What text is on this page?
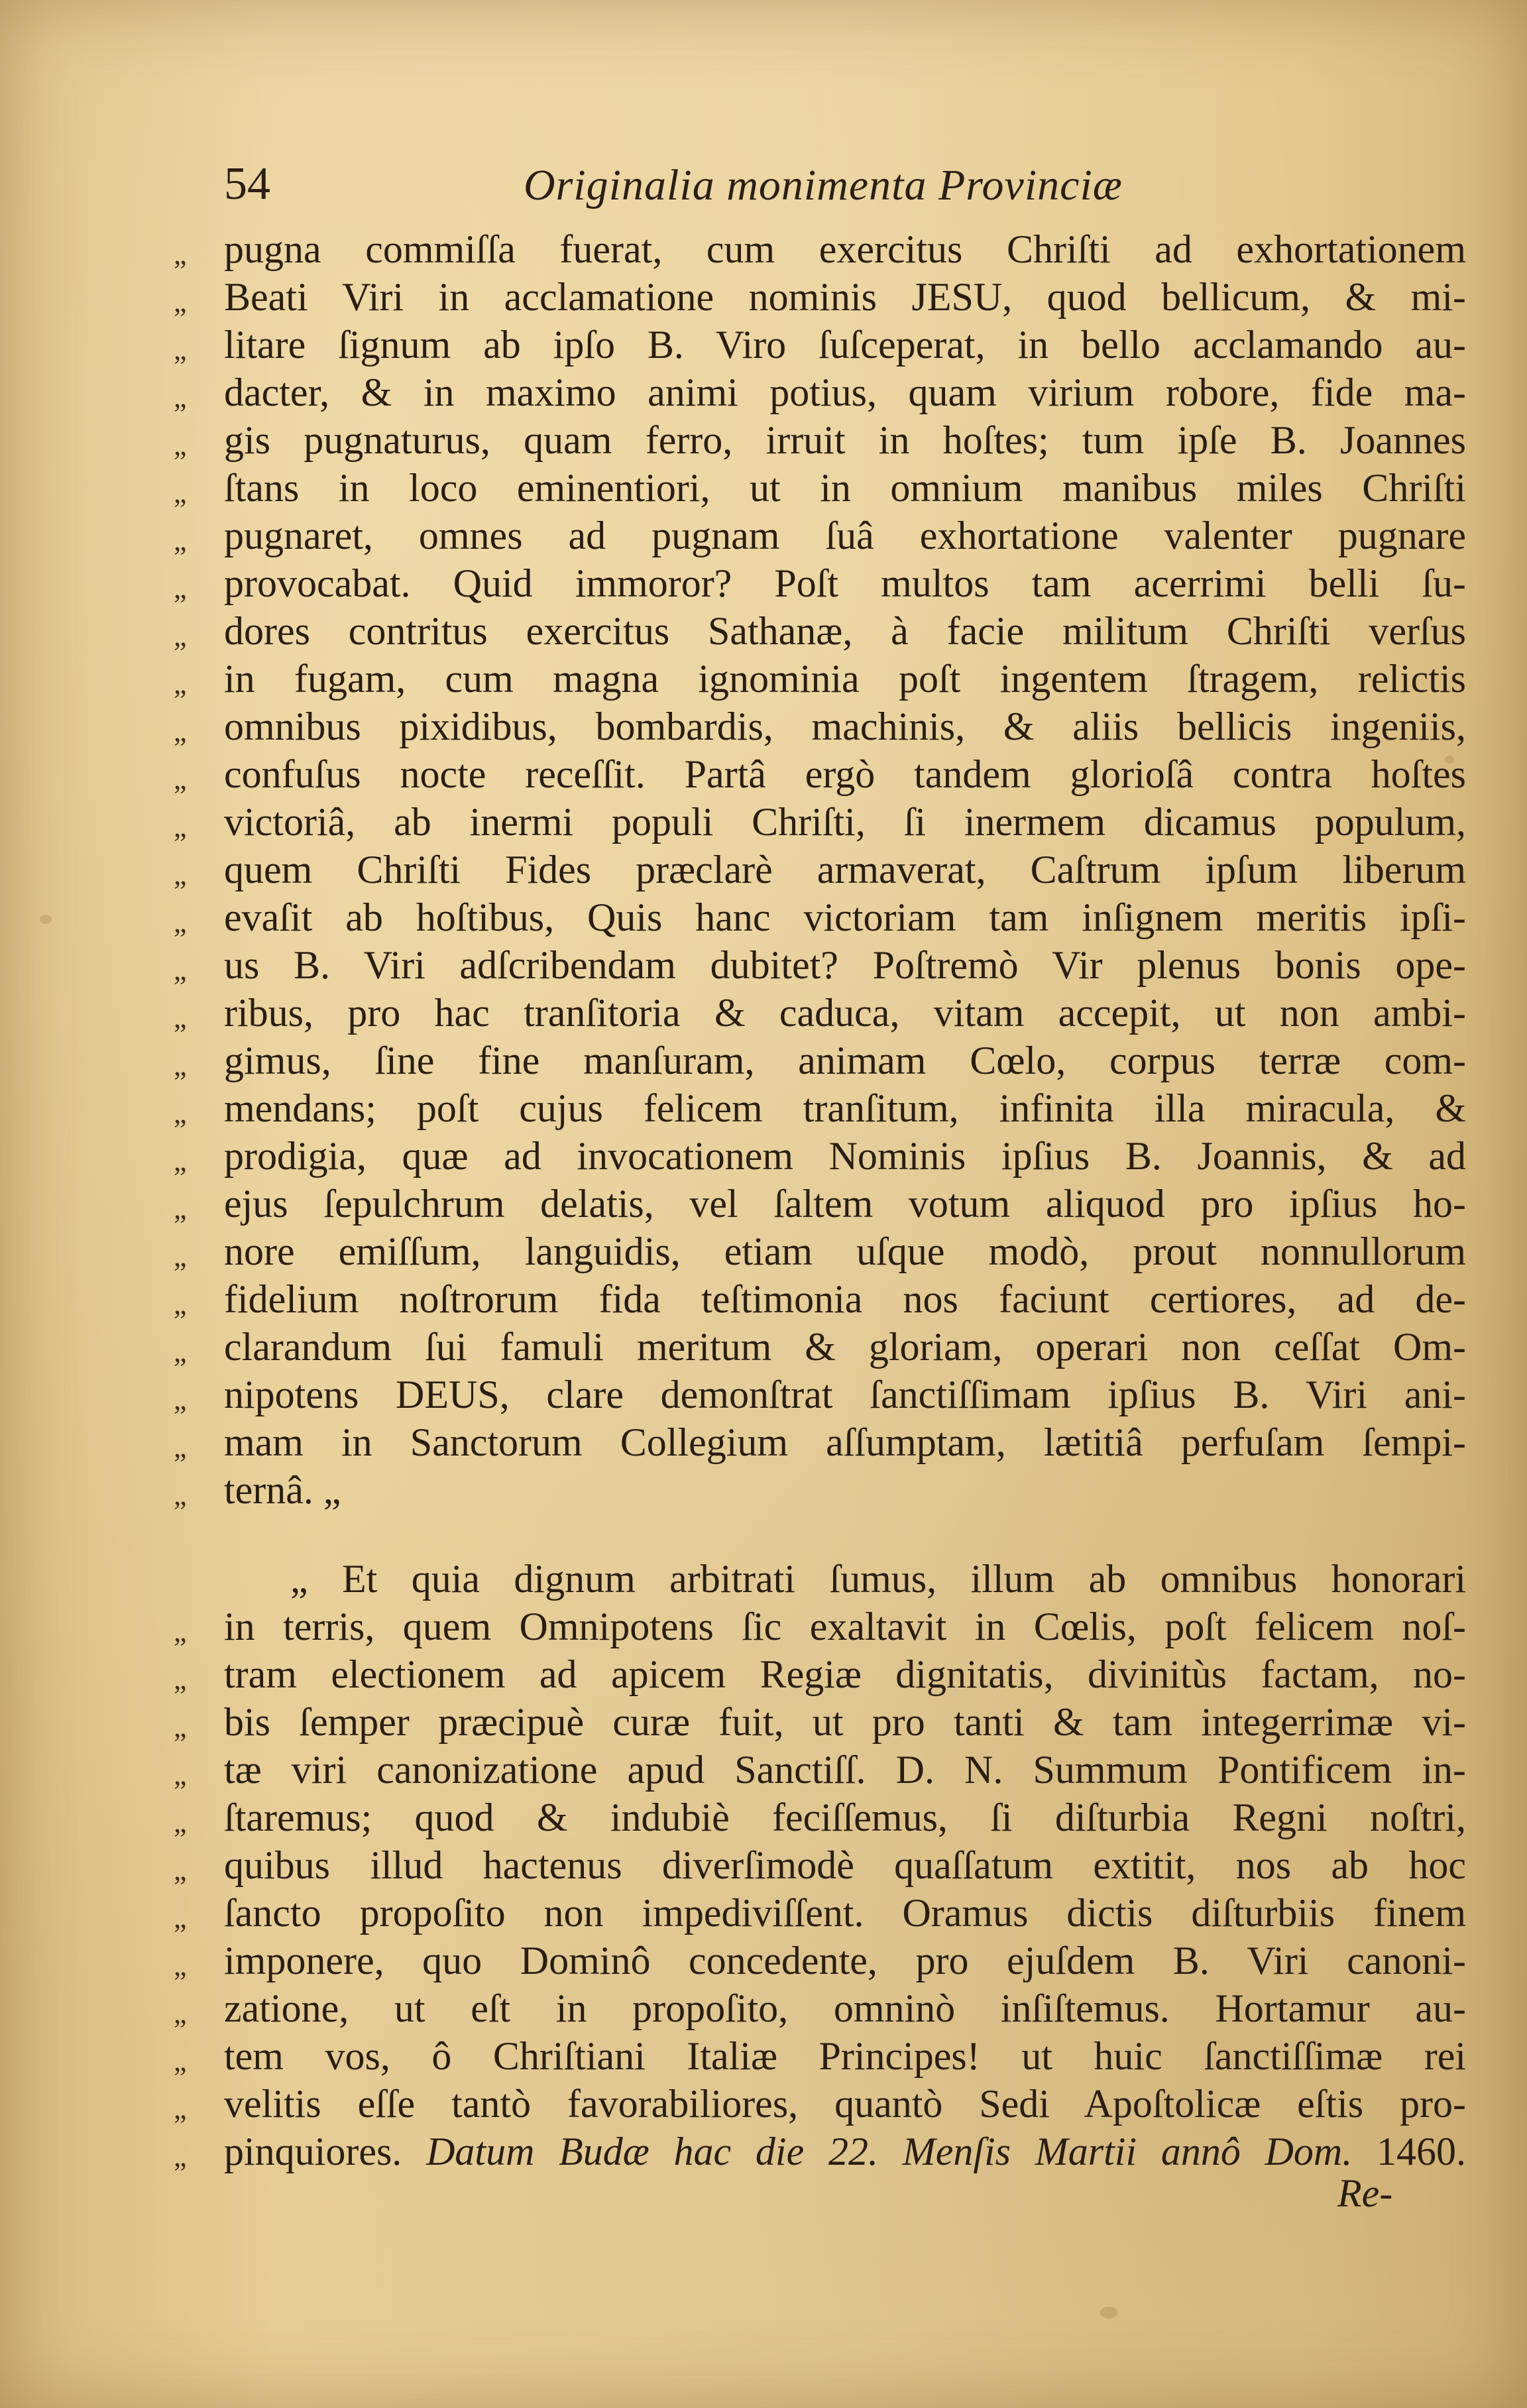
54	Originalia monimenta Provinciæ
„ pugna commiſſa fuerat, cum exercitus Chriſti ad exhortationem
„ Beati Viri in acclamatione nominis JESU, quod bellicum, & mi-
„ litare ſignum ab ipſo B. Viro ſuſceperat, in bello acclamando au-
„ dacter, & in maximo animi potius, quam virium robore, fide ma-
„ gis pugnaturus, quam ferro, irruit in hoſtes; tum ipſe B. Joannes
„ ſtans in loco eminentiori, ut in omnium manibus miles Chriſti
„ pugnaret, omnes ad pugnam ſuâ exhortatione valenter pugnare
„ provocabat. Quid immoror? Poſt multos tam acerrimi belli ſu-
„ dores contritus exercitus Sathanæ, à facie militum Chriſti verſus
„ in fugam, cum magna ignominia poſt ingentem ſtragem, relictis
„ omnibus pixidibus, bombardis, machinis, & aliis bellicis ingeniis,
„ confuſus nocte receſſit. Partâ ergò tandem glorioſâ contra hoſtes
„ victoriâ, ab inermi populi Chriſti, ſi inermem dicamus populum,
„ quem Chriſti Fides præclarè armaverat, Caſtrum ipſum liberum
„ evaſit ab hoſtibus, Quis hanc victoriam tam inſignem meritis ipſi-
„ us B. Viri adſcribendam dubitet? Poſtremò Vir plenus bonis ope-
„ ribus, pro hac tranſitoria & caduca, vitam accepit, ut non ambi-
„ gimus, ſine fine manſuram, animam Cœlo, corpus terræ com-
„ mendans; poſt cujus felicem tranſitum, infinita illa miracula, &
„ prodigia, quæ ad invocationem Nominis ipſius B. Joannis, & ad
„ ejus ſepulchrum delatis, vel ſaltem votum aliquod pro ipſius ho-
„ nore emiſſum, languidis, etiam uſque modò, prout nonnullorum
„ fidelium noſtrorum fida teſtimonia nos faciunt certiores, ad de-
„ clarandum ſui famuli meritum & gloriam, operari non ceſſat Om-
„ nipotens DEUS, clare demonſtrat ſanctiſſimam ipſius B. Viri ani-
„ mam in Sanctorum Collegium aſſumptam, lætitiâ perfuſam ſempi-
„ ternâ. „
„ Et quia dignum arbitrati ſumus, illum ab omnibus honorari
„ in terris, quem Omnipotens ſic exaltavit in Cœlis, poſt felicem noſ-
„ tram electionem ad apicem Regiæ dignitatis, divinitùs factam, no-
„ bis ſemper præcipuè curæ fuit, ut pro tanti & tam integerrimæ vi-
„ tæ viri canonizatione apud Sanctiſſ. D. N. Summum Pontificem in-
„ ſtaremus; quod & indubiè feciſſemus, ſi diſturbia Regni noſtri,
„ quibus illud hactenus diverſimodè quaſſatum extitit, nos ab hoc
„ ſancto propoſito non impediviſſent. Oramus dictis diſturbiis finem
„ imponere, quo Dominô concedente, pro ejuſdem B. Viri canoni-
„ zatione, ut eſt in propoſito, omninò inſiſtemus. Hortamur au-
„ tem vos, ô Chriſtiani Italiæ Principes! ut huic ſanctiſſimæ rei
„ velitis eſſe tantò favorabiliores, quantò Sedi Apoſtolicæ eſtis pro-
„ pinquiores. Datum Budæ hac die 22. Menſis Martii annô Dom. 1460.
Re-
